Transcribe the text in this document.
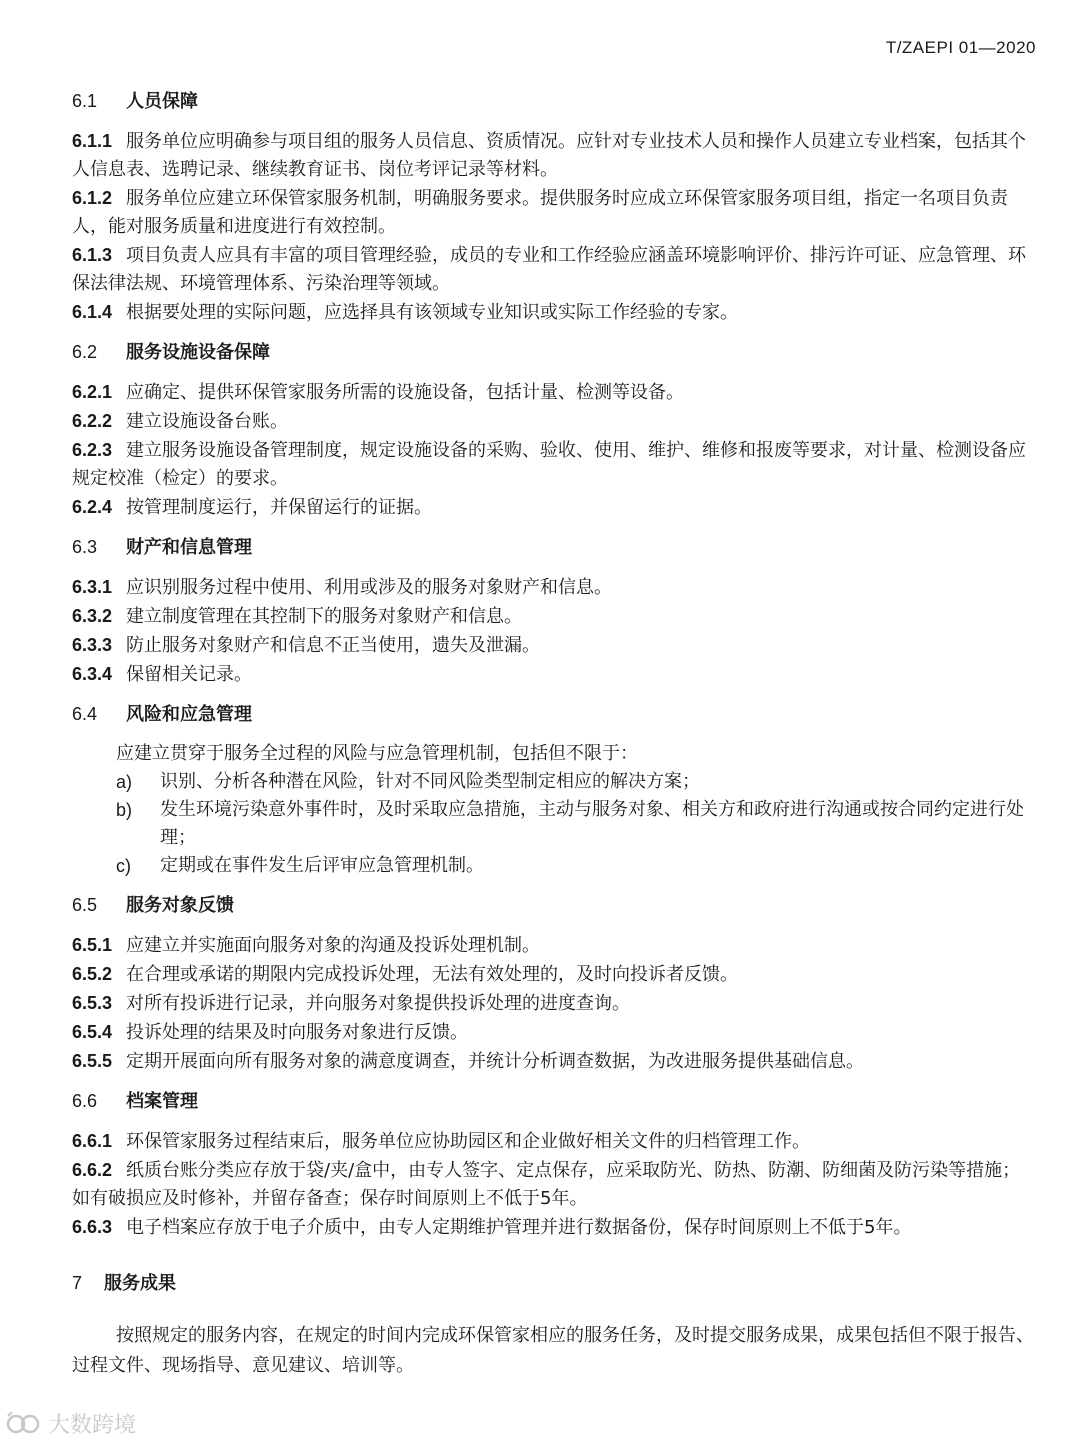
T/ZAEPI 01—2020
6.1 人员保障

6.1.1 服务单位应明确参与项目组的服务人员信息、资质情况。应针对专业技术人员和操作人员建立专业档案，包括其个人信息表、选聘记录、继续教育证书、岗位考评记录等材料。

6.1.2 服务单位应建立环保管家服务机制，明确服务要求。提供服务时应成立环保管家服务项目组，指定一名项目负责人，能对服务质量和进度进行有效控制。

6.1.3 项目负责人应具有丰富的项目管理经验，成员的专业和工作经验应涵盖环境影响评价、排污许可证、应急管理、环保法律法规、环境管理体系、污染治理等领域。

6.1.4 根据要处理的实际问题，应选择具有该领域专业知识或实际工作经验的专家。

6.2 服务设施设备保障

6.2.1 应确定、提供环保管家服务所需的设施设备，包括计量、检测等设备。

6.2.2 建立设施设备台账。

6.2.3 建立服务设施设备管理制度，规定设施设备的采购、验收、使用、维护、维修和报废等要求，对计量、检测设备应规定校准（检定）的要求。

6.2.4 按管理制度运行，并保留运行的证据。

6.3 财产和信息管理

6.3.1 应识别服务过程中使用、利用或涉及的服务对象财产和信息。

6.3.2 建立制度管理在其控制下的服务对象财产和信息。

6.3.3 防止服务对象财产和信息不正当使用，遗失及泄漏。

6.3.4 保留相关记录。

6.4 风险和应急管理

应建立贯穿于服务全过程的风险与应急管理机制，包括但不限于：

a)	识别、分析各种潜在风险，针对不同风险类型制定相应的解决方案；
b)	发生环境污染意外事件时，及时采取应急措施，主动与服务对象、相关方和政府进行沟通或按合同约定进行处理；
c)	定期或在事件发生后评审应急管理机制。
6.5 服务对象反馈

6.5.1 应建立并实施面向服务对象的沟通及投诉处理机制。

6.5.2 在合理或承诺的期限内完成投诉处理，无法有效处理的，及时向投诉者反馈。

6.5.3 对所有投诉进行记录，并向服务对象提供投诉处理的进度查询。

6.5.4 投诉处理的结果及时向服务对象进行反馈。

6.5.5 定期开展面向所有服务对象的满意度调查，并统计分析调查数据，为改进服务提供基础信息。

6.6 档案管理

6.6.1 环保管家服务过程结束后，服务单位应协助园区和企业做好相关文件的归档管理工作。

6.6.2 纸质台账分类应存放于袋/夹/盒中，由专人签字、定点保存，应采取防光、防热、防潮、防细菌及防污染等措施；如有破损应及时修补，并留存备查；保存时间原则上不低于5年。

6.6.3 电子档案应存放于电子介质中，由专人定期维护管理并进行数据备份，保存时间原则上不低于5年。

7 服务成果

按照规定的服务内容，在规定的时间内完成环保管家相应的服务任务，及时提交服务成果，成果包括但不限于报告、过程文件、现场指导、意见建议、培训等。

大数跨境
